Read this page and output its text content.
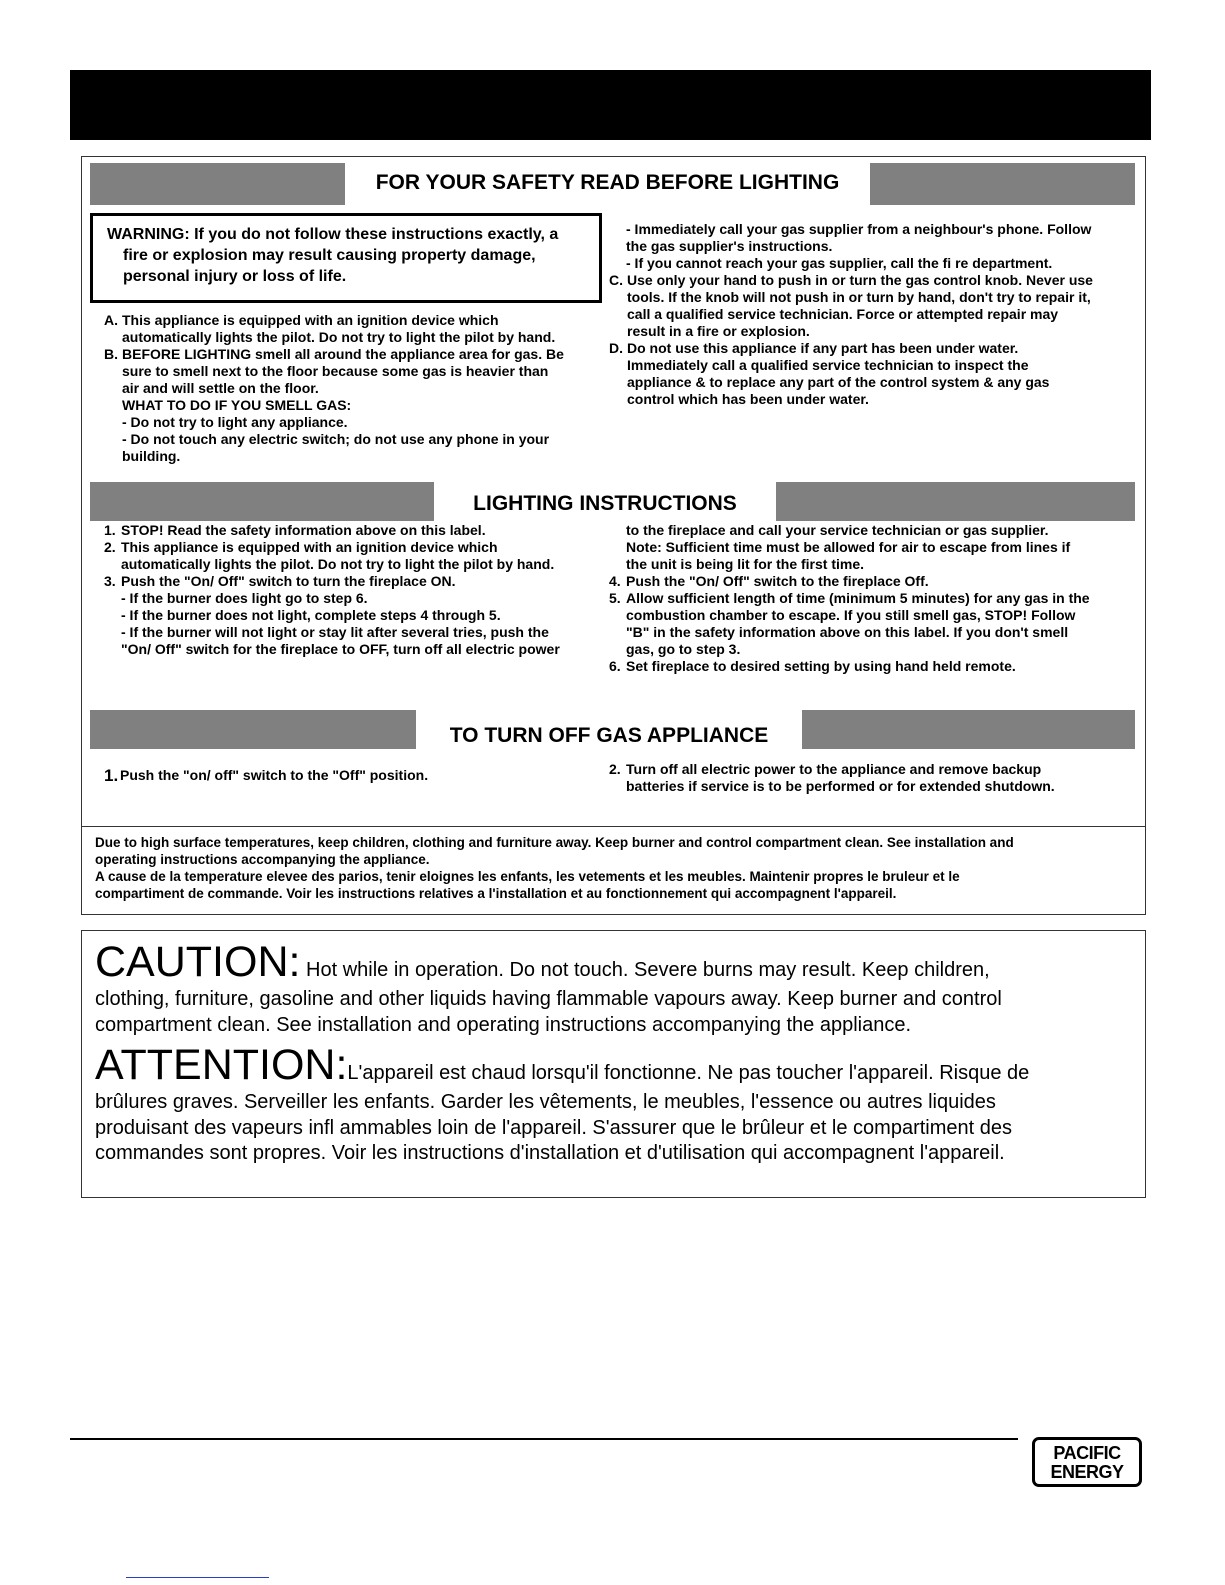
FOR YOUR SAFETY READ BEFORE LIGHTING
WARNING: If you do not follow these instructions exactly, a
fire or explosion may result causing property damage,
personal injury or loss of life.
A. This appliance is equipped with an ignition device which
automatically lights the pilot. Do not try to light the pilot by hand.
B. BEFORE LIGHTING smell all around the appliance area for gas. Be
sure to smell next to the floor because some gas is heavier than
air and will settle on the floor.
WHAT TO DO IF YOU SMELL GAS:
- Do not try to light any appliance.
- Do not touch any electric switch; do not use any phone in your
building.
- Immediately call your gas supplier from a neighbour's phone. Follow
the gas supplier's instructions.
- If you cannot reach your gas supplier, call the fi re department.
C. Use only your hand to push in or turn the gas control knob. Never use
tools. If the knob will not push in or turn by hand, don't try to repair it,
call a qualified service technician. Force or attempted repair may
result in a fire or explosion.
D. Do not use this appliance if any part has been under water.
Immediately call a qualified service technician to inspect the
appliance & to replace any part of the control system & any gas
control which has been under water.
LIGHTING INSTRUCTIONS
1. STOP! Read the safety information above on this label.
2. This appliance is equipped with an ignition device which
automatically lights the pilot. Do not try to light the pilot by hand.
3. Push the "On/ Off" switch to turn the fireplace ON.
- If the burner does light go to step 6.
- If the burner does not light, complete steps 4 through 5.
- If the burner will not light or stay lit after several tries, push the
"On/ Off" switch for the fireplace to OFF, turn off all electric power
to the fireplace and call your service technician or gas supplier.
Note: Sufficient time must be allowed for air to escape from lines if
the unit is being lit for the first time.
4. Push the "On/ Off" switch to the fireplace Off.
5. Allow sufficient length of time (minimum 5 minutes) for any gas in the
combustion chamber to escape. If you still smell gas, STOP! Follow
"B" in the safety information above on this label. If you don't smell
gas, go to step 3.
6. Set fireplace to desired setting by using hand held remote.
TO TURN OFF GAS APPLIANCE
1. Push the "on/ off" switch to the "Off" position.	2. Turn off all electric power to the appliance and remove backup
batteries if service is to be performed or for extended shutdown.
Due to high surface temperatures, keep children, clothing and furniture away. Keep burner and control compartment clean. See installation and
operating instructions accompanying the appliance.
A cause de la temperature elevee des parios, tenir eloignes les enfants, les vetements et les meubles. Maintenir propres le bruleur et le
compartiment de commande. Voir les instructions relatives a l'installation et au fonctionnement qui accompagnent l'appareil.
CAUTION: Hot while in operation. Do not touch. Severe burns may result. Keep children,
clothing, furniture, gasoline and other liquids having flammable vapours away. Keep burner and control
compartment clean. See installation and operating instructions accompanying the appliance.
ATTENTION:L'appareil est chaud lorsqu'il fonctionne. Ne pas toucher l'appareil. Risque de
brûlures graves. Serveiller les enfants. Garder les vêtements, le meubles, l'essence ou autres liquides
produisant des vapeurs infl ammables loin de l'appareil. S'assurer que le brûleur et le compartiment des
commandes sont propres. Voir les instructions d'installation et d'utilisation qui accompagnent l'appareil.
PACIFIC
ENERGY
